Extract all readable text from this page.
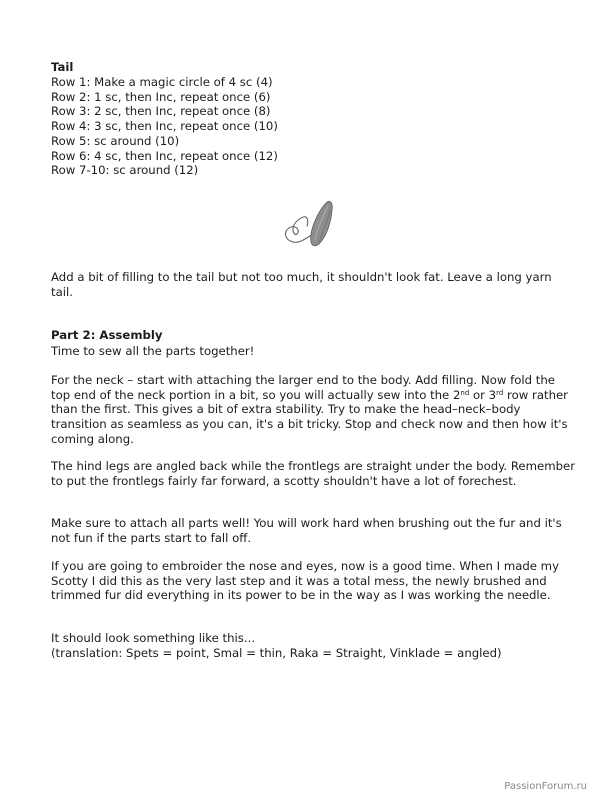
Tail

Row 1: Make a magic circle of 4 sc (4)

Row 2: 1 sc, then Inc, repeat once (6)

Row 3: 2 sc, then Inc, repeat once (8)

Row 4: 3 sc, then Inc, repeat once (10)

Row 5: sc around (10)

Row 6: 4 sc, then Inc, repeat once (12)

Row 7-10: sc around (12)

Add a bit of filling to the tail but not too much, it shouldn't look fat. Leave a long yarn tail.
Part 2: Assembly
Time to sew all the parts together!
For the neck – start with attaching the larger end to the body. Add filling. Now fold the top end of the neck portion in a bit, so you will actually sew into the 2nd or 3rd row rather than the first. This gives a bit of extra stability. Try to make the head–neck–body transition as seamless as you can, it's a bit tricky. Stop and check now and then how it's coming along.
The hind legs are angled back while the frontlegs are straight under the body. Remember to put the frontlegs fairly far forward, a scotty shouldn't have a lot of forechest.
Make sure to attach all parts well! You will work hard when brushing out the fur and it's not fun if the parts start to fall off.
If you are going to embroider the nose and eyes, now is a good time. When I made my Scotty I did this as the very last step and it was a total mess, the newly brushed and trimmed fur did everything in its power to be in the way as I was working the needle.

It should look something like this...

(translation: Spets = point, Smal = thin, Raka = Straight, Vinklade = angled)

PassionForum.ru
